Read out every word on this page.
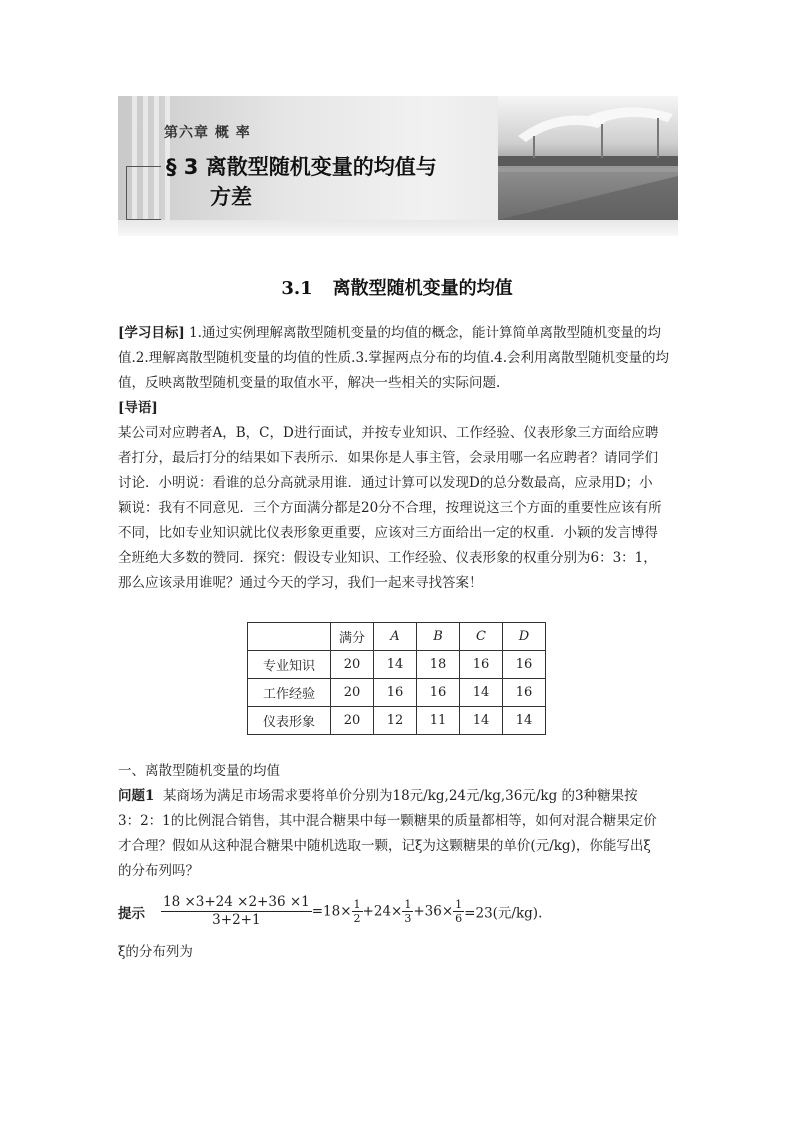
第六章 概 率
§ 3 离散型随机变量的均值与
方差
3.1 离散型随机变量的均值
[学习目标] 1.通过实例理解离散型随机变量的均值的概念，能计算简单离散型随机变量的均
值.2.理解离散型随机变量的均值的性质.3.掌握两点分布的均值.4.会利用离散型随机变量的均
值，反映离散型随机变量的取值水平，解决一些相关的实际问题.
[导语]
某公司对应聘者A，B，C，D进行面试，并按专业知识、工作经验、仪表形象三方面给应聘
者打分，最后打分的结果如下表所示．如果你是人事主管，会录用哪一名应聘者？请同学们
讨论．小明说：看谁的总分高就录用谁．通过计算可以发现D的总分数最高，应录用D；小
颖说：我有不同意见．三个方面满分都是20分不合理，按理说这三个方面的重要性应该有所
不同，比如专业知识就比仪表形象更重要，应该对三方面给出一定的权重．小颖的发言博得
全班绝大多数的赞同．探究：假设专业知识、工作经验、仪表形象的权重分别为6：3：1，
那么应该录用谁呢？通过今天的学习，我们一起来寻找答案！
	满分	A	B	C	D
专业知识	20	14	18	16	16
工作经验	20	16	16	14	16
仪表形象	20	12	11	14	14
一、离散型随机变量的均值
问题1 某商场为满足市场需求要将单价分别为18元/kg,24元/kg,36元/kg 的3种糖果按
3：2：1的比例混合销售，其中混合糖果中每一颗糖果的质量都相等，如何对混合糖果定价
才合理？假如从这种混合糖果中随机选取一颗，记ξ为这颗糖果的单价(元/kg)，你能写出ξ
的分布列吗？
提示 $\frac{18 \times 3+24 \times 2+36 \times 1}{3+2+1} =18\times \frac{1}{2} +24\times \frac{1}{3} +36\times \frac{1}{6} =23$(元/kg).
ξ的分布列为
